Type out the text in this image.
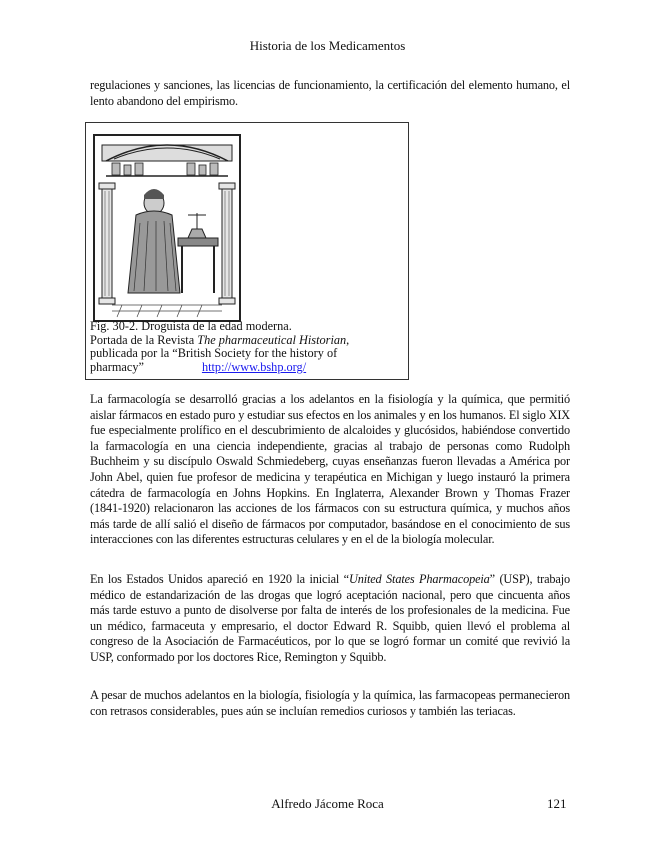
Historia de los Medicamentos

regulaciones y sanciones, las licencias de funcionamiento, la certificación del elemento humano, el lento abandono del empirismo.

Fig. 30-2. Droguista de la edad moderna.
Portada de la Revista The pharmaceutical Historian,
publicada por la “British Society for the history of
pharmacy”	http://www.bshp.org/

La farmacología se desarrolló gracias a los adelantos en la fisiología y la química, que permitió aislar fármacos en estado puro y estudiar sus efectos en los animales y en los humanos. El siglo XIX fue especialmente prolífico en el descubrimiento de alcaloides y glucósidos, habiéndose convertido la farmacología en una ciencia independiente, gracias al trabajo de personas como Rudolph Buchheim y su discípulo Oswald Schmiedeberg, cuyas enseñanzas fueron llevadas a América por John Abel, quien fue profesor de medicina y terapéutica en Michigan y luego instauró la primera cátedra de farmacología en Johns Hopkins. En Inglaterra, Alexander Brown y Thomas Frazer (1841-1920) relacionaron las acciones de los fármacos con su estructura química, y muchos años más tarde de allí salió el diseño de fármacos por computador, basándose en el conocimiento de sus interacciones con las diferentes estructuras celulares y en el de la biología molecular.

En los Estados Unidos apareció en 1920 la inicial “United States Pharmacopeia” (USP), trabajo médico de estandarización de las drogas que logró aceptación nacional, pero que cincuenta años más tarde estuvo a punto de disolverse por falta de interés de los profesionales de la medicina. Fue un médico, farmaceuta y empresario, el doctor Edward R. Squibb, quien llevó el problema al congreso de la Asociación de Farmacéuticos, por lo que se logró formar un comité que revivió la USP, conformado por los doctores Rice, Remington y Squibb.

A pesar de muchos adelantos en la biología, fisiología y la química, las farmacopeas permanecieron con retrasos considerables, pues aún se incluían remedios curiosos y también las teriacas.

Alfredo Jácome Roca	121
